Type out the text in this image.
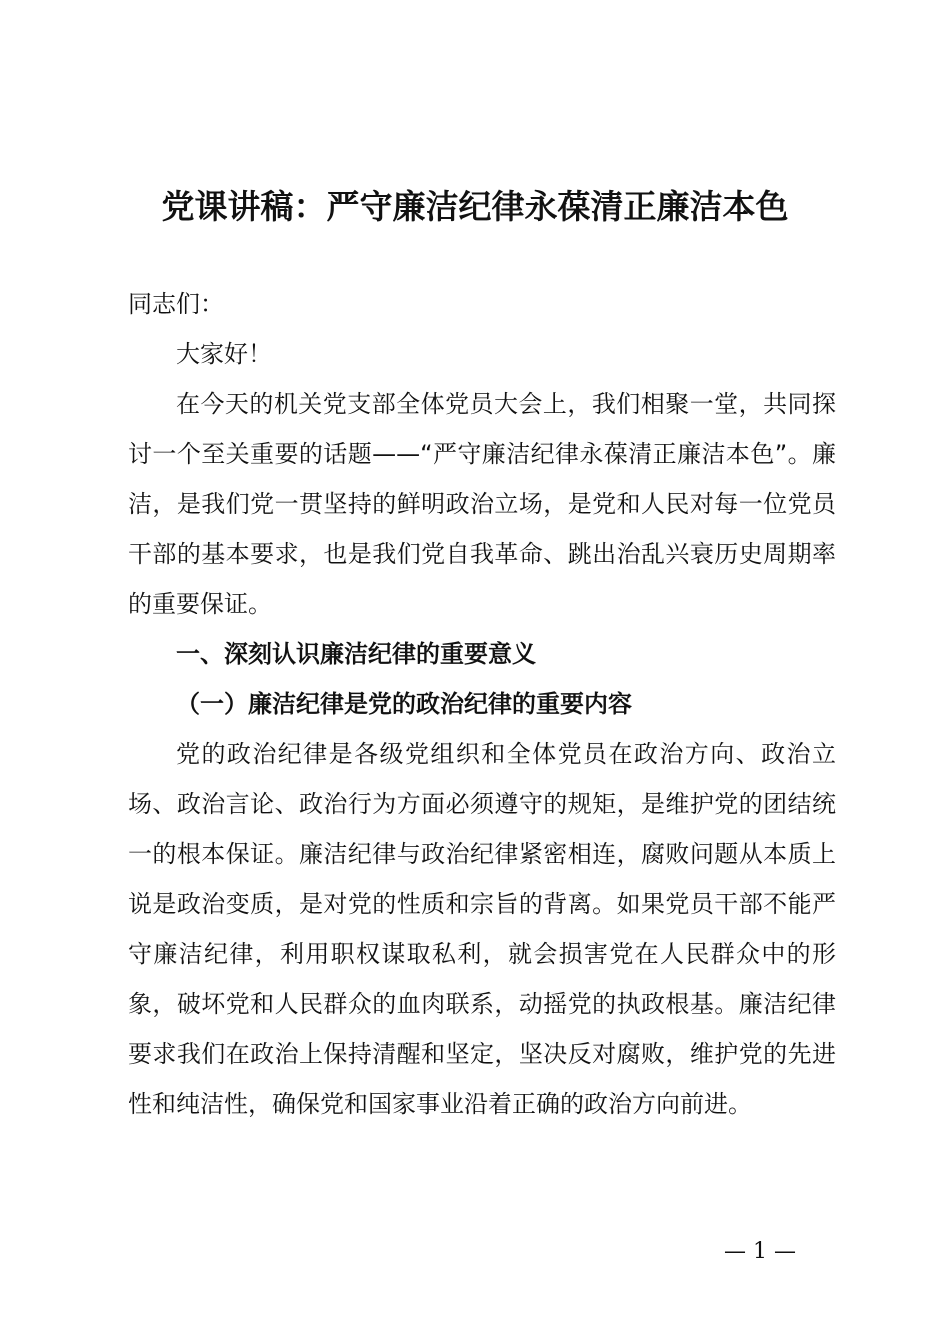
党课讲稿：严守廉洁纪律永葆清正廉洁本色

同志们：

大家好！

在今天的机关党支部全体党员大会上，我们相聚一堂，共同探讨一个至关重要的话题——“严守廉洁纪律永葆清正廉洁本色”。廉洁，是我们党一贯坚持的鲜明政治立场，是党和人民对每一位党员干部的基本要求，也是我们党自我革命、跳出治乱兴衰历史周期率的重要保证。

一、深刻认识廉洁纪律的重要意义

（一）廉洁纪律是党的政治纪律的重要内容

党的政治纪律是各级党组织和全体党员在政治方向、政治立场、政治言论、政治行为方面必须遵守的规矩，是维护党的团结统一的根本保证。廉洁纪律与政治纪律紧密相连，腐败问题从本质上说是政治变质，是对党的性质和宗旨的背离。如果党员干部不能严守廉洁纪律，利用职权谋取私利，就会损害党在人民群众中的形象，破坏党和人民群众的血肉联系，动摇党的执政根基。廉洁纪律要求我们在政治上保持清醒和坚定，坚决反对腐败，维护党的先进性和纯洁性，确保党和国家事业沿着正确的政治方向前进。

— 1 —
